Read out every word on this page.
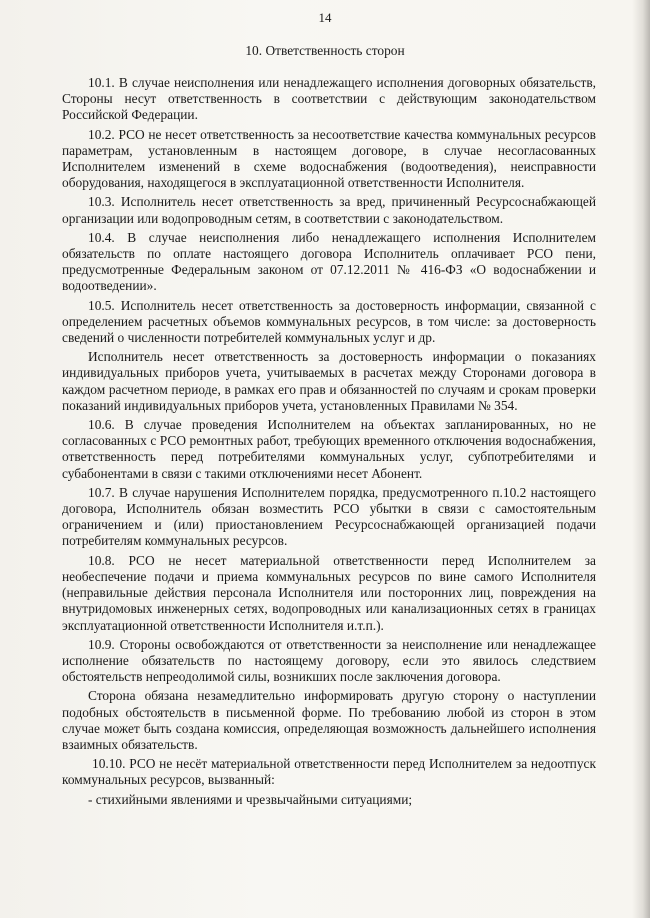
14
10. Ответственность сторон

10.1. В случае неисполнения или ненадлежащего исполнения договорных обязательств, Стороны несут ответственность в соответствии с действующим законодательством Российской Федерации.

10.2. РСО не несет ответственность за несоответствие качества коммунальных ресурсов параметрам, установленным в настоящем договоре, в случае несогласованных Исполнителем изменений в схеме водоснабжения (водоотведения), неисправности оборудования, находящегося в эксплуатационной ответственности Исполнителя.

10.3. Исполнитель несет ответственность за вред, причиненный Ресурсоснабжающей организации или водопроводным сетям, в соответствии с законодательством.

10.4. В случае неисполнения либо ненадлежащего исполнения Исполнителем обязательств по оплате настоящего договора Исполнитель оплачивает РСО пени, предусмотренные Федеральным законом от 07.12.2011 № 416-ФЗ «О водоснабжении и водоотведении».

10.5. Исполнитель несет ответственность за достоверность информации, связанной с определением расчетных объемов коммунальных ресурсов, в том числе: за достоверность сведений о численности потребителей коммунальных услуг и др.

Исполнитель несет ответственность за достоверность информации о показаниях индивидуальных приборов учета, учитываемых в расчетах между Сторонами договора в каждом расчетном периоде, в рамках его прав и обязанностей по случаям и срокам проверки показаний индивидуальных приборов учета, установленных Правилами № 354.

10.6. В случае проведения Исполнителем на объектах запланированных, но не согласованных с РСО ремонтных работ, требующих временного отключения водоснабжения, ответственность перед потребителями коммунальных услуг, субпотребителями и субабонентами в связи с такими отключениями несет Абонент.

10.7. В случае нарушения Исполнителем порядка, предусмотренного п.10.2 настоящего договора, Исполнитель обязан возместить РСО убытки в связи с самостоятельным ограничением и (или) приостановлением Ресурсоснабжающей организацией подачи потребителям коммунальных ресурсов.

10.8. РСО не несет материальной ответственности перед Исполнителем за необеспечение подачи и приема коммунальных ресурсов по вине самого Исполнителя (неправильные действия персонала Исполнителя или посторонних лиц, повреждения на внутридомовых инженерных сетях, водопроводных или канализационных сетях в границах эксплуатационной ответственности Исполнителя и.т.п.).

10.9. Стороны освобождаются от ответственности за неисполнение или ненадлежащее исполнение обязательств по настоящему договору, если это явилось следствием обстоятельств непреодолимой силы, возникших после заключения договора.

Сторона обязана незамедлительно информировать другую сторону о наступлении подобных обстоятельств в письменной форме. По требованию любой из сторон в этом случае может быть создана комиссия, определяющая возможность дальнейшего исполнения взаимных обязательств.

10.10. РСО не несёт материальной ответственности перед Исполнителем за недоотпуск коммунальных ресурсов, вызванный:

- стихийными явлениями и чрезвычайными ситуациями;
